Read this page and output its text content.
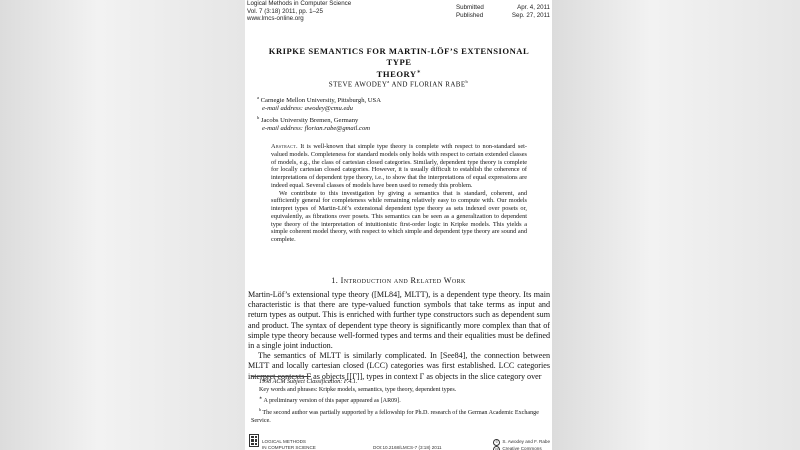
Logical Methods in Computer Science
Vol. 7 (3:18) 2011, pp. 1–25
www.lmcs-online.org
Submitted	Apr. 4, 2011
Published	Sep. 27, 2011
KRIPKE SEMANTICS FOR MARTIN-LÖF’S EXTENSIONAL TYPE
THEORY∗
STEVE AWODEY$^a$ AND FLORIAN RABE$^b$
$^a$ Carnegie Mellon University, Pittsburgh, USA
e-mail address: awodey@cmu.edu
$^b$ Jacobs University Bremen, Germany
e-mail address: florian.rabe@gmail.com

Abstract. It is well-known that simple type theory is complete with respect to non-standard set-valued models. Completeness for standard models only holds with respect to certain extended classes of models, e.g., the class of cartesian closed categories. Similarly, dependent type theory is complete for locally cartesian closed categories. However, it is usually difficult to establish the coherence of interpretations of dependent type theory, i.e., to show that the interpretations of equal expressions are indeed equal. Several classes of models have been used to remedy this problem.

We contribute to this investigation by giving a semantics that is standard, coherent, and sufficiently general for completeness while remaining relatively easy to compute with. Our models interpret types of Martin-Löf’s extensional dependent type theory as sets indexed over posets or, equivalently, as fibrations over posets. This semantics can be seen as a generalization to dependent type theory of the interpretation of intuitionistic first-order logic in Kripke models. This yields a simple coherent model theory, with respect to which simple and dependent type theory are sound and complete.

1. Introduction and Related Work

Martin-Löf’s extensional type theory ([ML84], MLTT), is a dependent type theory. Its main characteristic is that there are type-valued function symbols that take terms as input and return types as output. This is enriched with further type constructors such as dependent sum and product. The syntax of dependent type theory is significantly more complex than that of simple type theory because well-formed types and terms and their equalities must be defined in a single joint induction.

The semantics of MLTT is similarly complicated. In [See84], the connection between MLTT and locally cartesian closed (LCC) categories was first established. LCC categories interpret contexts Γ as objects [[Γ]], types in context Γ as objects in the slice category over

1998 ACM Subject Classification: F.4.1.
Key words and phrases: Kripke models, semantics, type theory, dependent types.
∗ A preliminary version of this paper appeared as [AR09].
$^b$ The second author was partially supported by a fellowship for Ph.D. research of the German Academic Exchange Service.
LOGICAL METHODS
IN COMPUTER SCIENCE	DOI:10.2168/LMCS-7 (3:18) 2011
© S. Awodey and F. Rabe
cc Creative Commons
